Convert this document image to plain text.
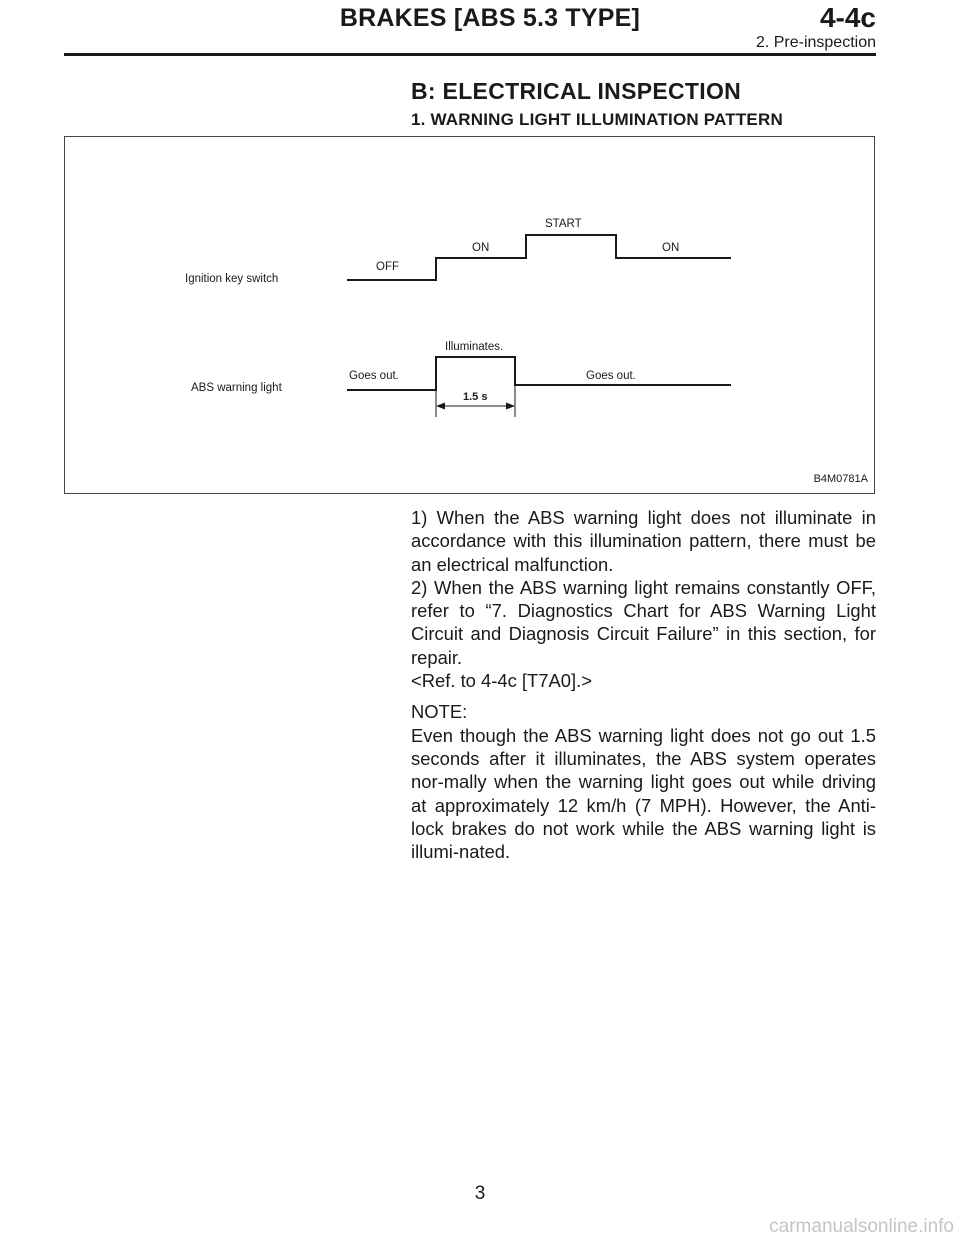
BRAKES [ABS 5.3 TYPE]	4-4c
2. Pre-inspection
B: ELECTRICAL INSPECTION
1. WARNING LIGHT ILLUMINATION PATTERN
Ignition key switch
OFF
ON
START
ON
ABS warning light
Goes out.
Illuminates.
Goes out.
1.5 s
B4M0781A

1) When the ABS warning light does not illuminate in accordance with this illumination pattern, there must be an electrical malfunction.

2) When the ABS warning light remains constantly OFF, refer to “7. Diagnostics Chart for ABS Warning Light Circuit and Diagnosis Circuit Failure” in this section, for repair.

<Ref. to 4-4c [T7A0].>

NOTE:

Even though the ABS warning light does not go out 1.5 seconds after it illuminates, the ABS system operates nor-mally when the warning light goes out while driving at approximately 12 km/h (7 MPH). However, the Anti-lock brakes do not work while the ABS warning light is illumi-nated.

3
carmanualsonline.info
